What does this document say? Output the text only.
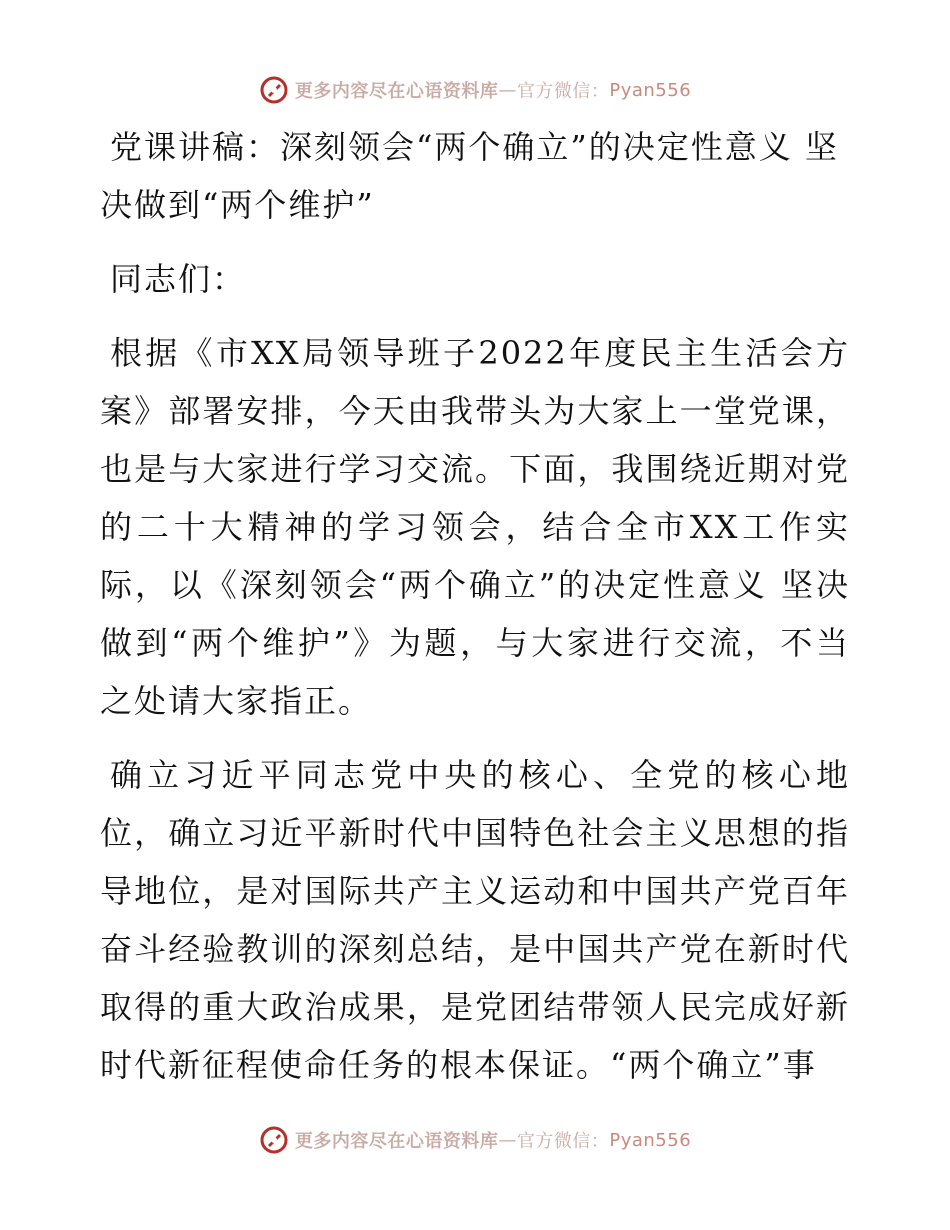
更多内容尽在心语资料库 — 官方微信： Pyan556
党课讲稿：深刻领会“两个确立”的决定性意义 坚决做到“两个维护”

同志们：

根据《市XX局领导班子2022年度民主生活会方案》部署安排，今天由我带头为大家上一堂党课，也是与大家进行学习交流。下面，我围绕近期对党的二十大精神的学习领会，结合全市XX工作实际，以《深刻领会“两个确立”的决定性意义 坚决做到“两个维护”》为题，与大家进行交流，不当之处请大家指正。

确立习近平同志党中央的核心、全党的核心地位，确立习近平新时代中国特色社会主义思想的指导地位，是对国际共产主义运动和中国共产党百年奋斗经验教训的深刻总结，是中国共产党在新时代取得的重大政治成果，是党团结带领人民完成好新时代新征程使命任务的根本保证。“两个确立”事

更多内容尽在心语资料库 — 官方微信： Pyan556
